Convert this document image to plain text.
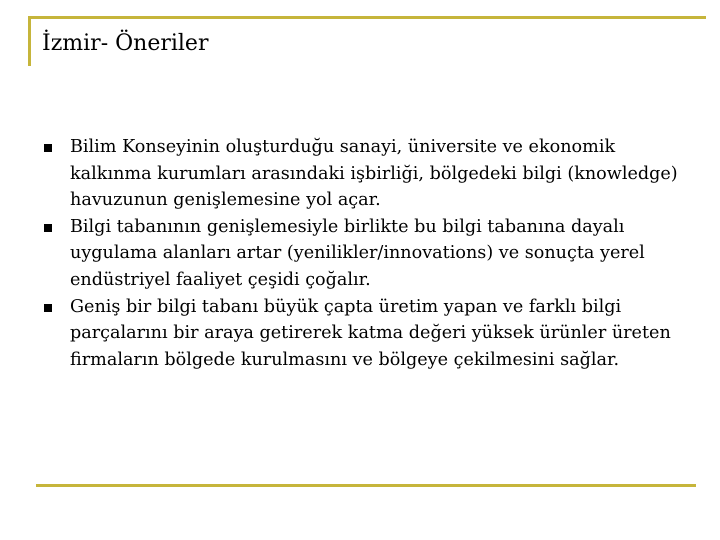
İzmir- Öneriler
Bilim Konseyinin oluşturduğu sanayi, üniversite ve ekonomik kalkınma kurumları arasındaki işbirliği, bölgedeki bilgi (knowledge) havuzunun genişlemesine yol açar.
Bilgi tabanının genişlemesiyle birlikte bu bilgi tabanına dayalı uygulama alanları artar (yenilikler/innovations) ve sonuçta yerel endüstriyel faaliyet çeşidi çoğalır.
Geniş bir bilgi tabanı büyük çapta üretim yapan ve farklı bilgi parçalarını bir araya getirerek katma değeri yüksek ürünler üreten firmaların bölgede kurulmasını ve bölgeye çekilmesini sağlar.
